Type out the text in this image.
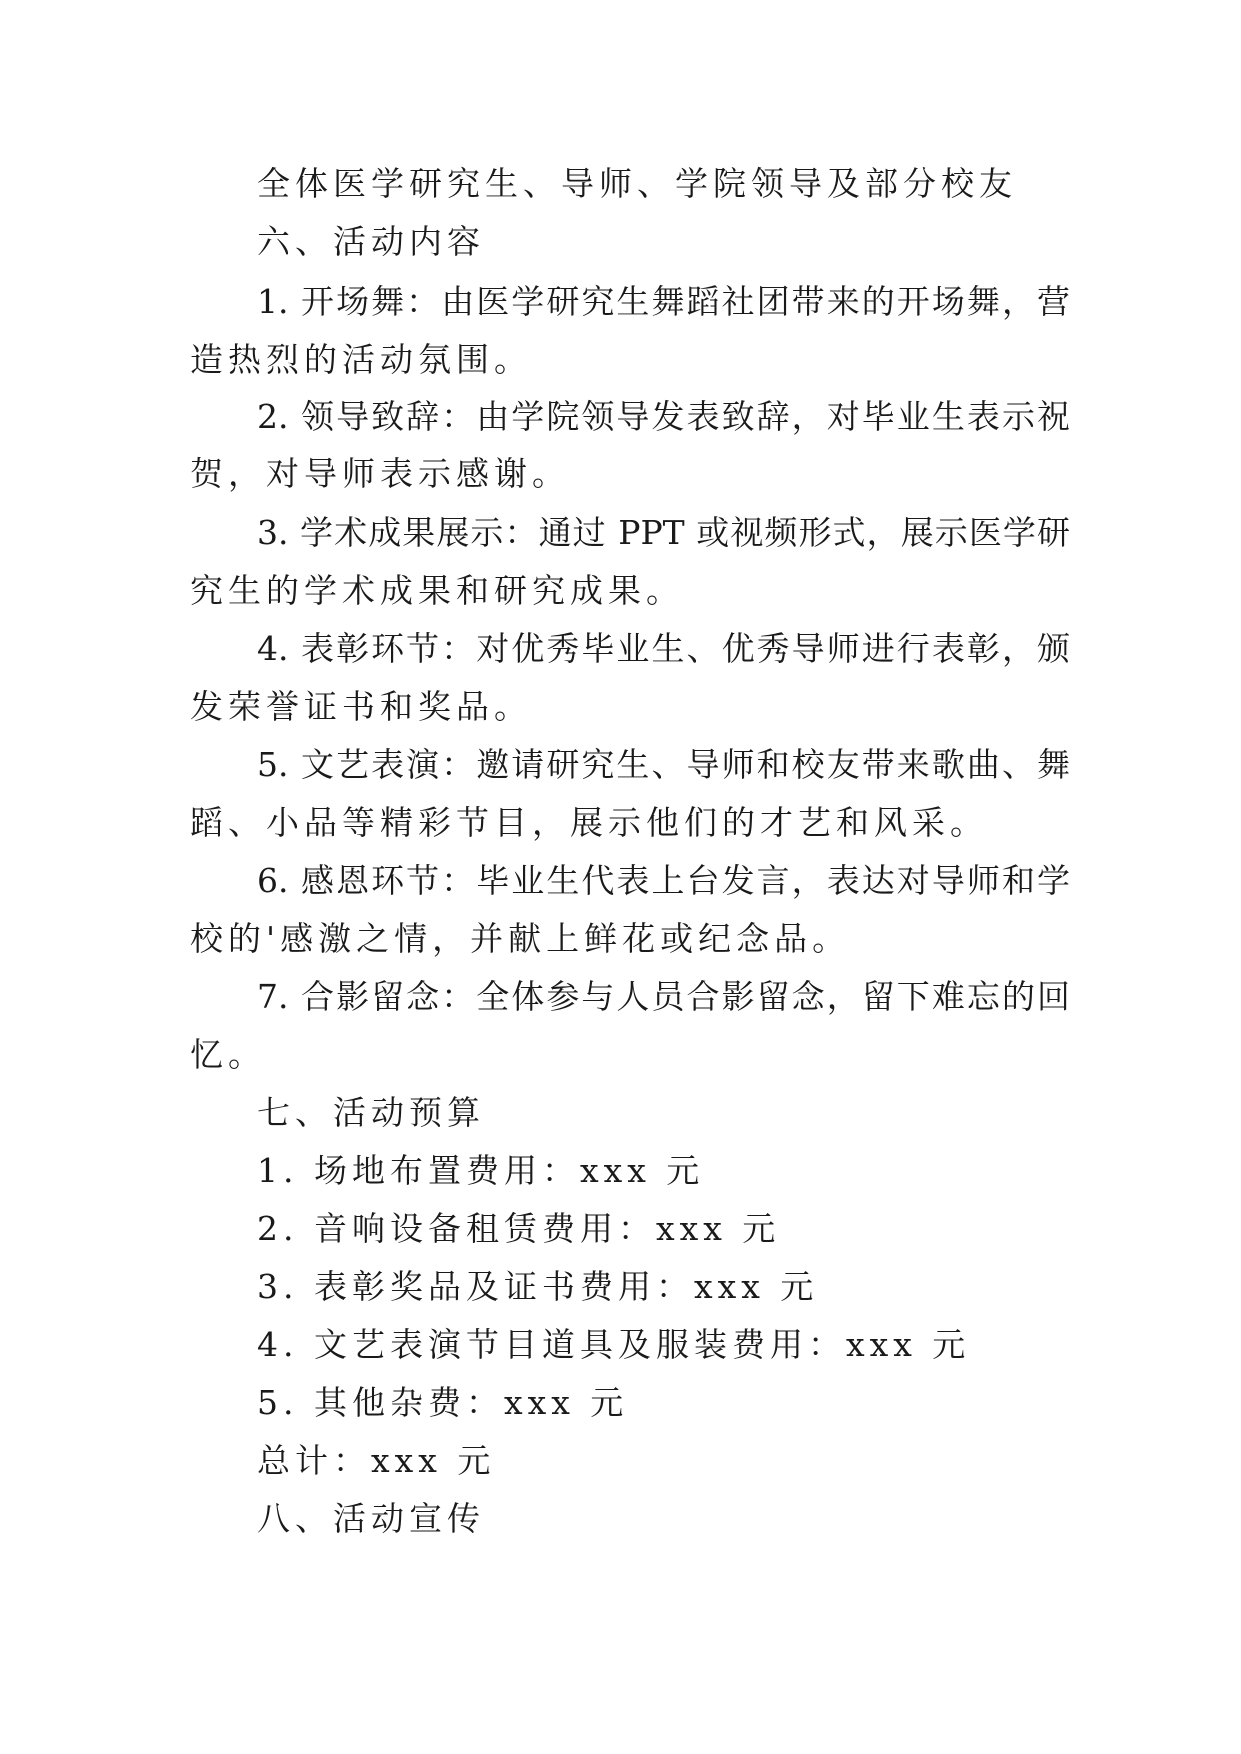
全体医学研究生、导师、学院领导及部分校友
六、活动内容
1. 开场舞：由医学研究生舞蹈社团带来的开场舞，营
造热烈的活动氛围。
2. 领导致辞：由学院领导发表致辞，对毕业生表示祝
贺，对导师表示感谢。
3. 学术成果展示：通过 PPT 或视频形式，展示医学研
究生的学术成果和研究成果。
4. 表彰环节：对优秀毕业生、优秀导师进行表彰，颁
发荣誉证书和奖品。
5. 文艺表演：邀请研究生、导师和校友带来歌曲、舞
蹈、小品等精彩节目，展示他们的才艺和风采。
6. 感恩环节：毕业生代表上台发言，表达对导师和学
校的'感激之情，并献上鲜花或纪念品。
7. 合影留念：全体参与人员合影留念，留下难忘的回
忆。
七、活动预算
1. 场地布置费用：xxx 元
2. 音响设备租赁费用：xxx 元
3. 表彰奖品及证书费用：xxx 元
4. 文艺表演节目道具及服装费用：xxx 元
5. 其他杂费：xxx 元
总计：xxx 元
八、活动宣传
